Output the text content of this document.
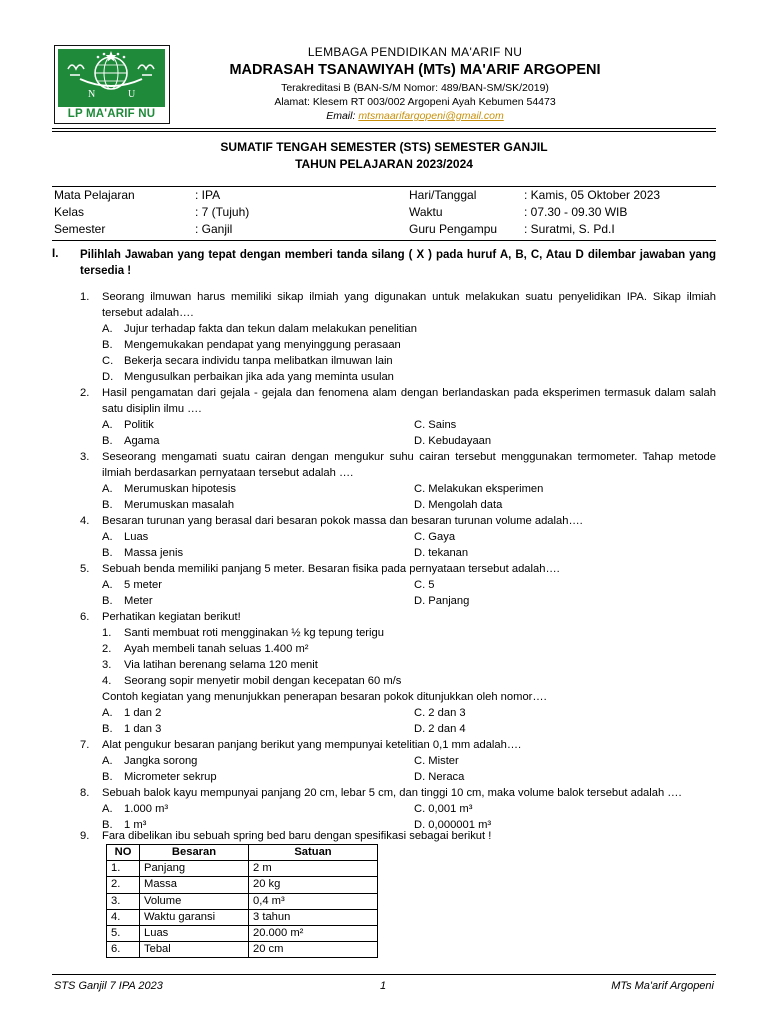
N	U
LP MA'ARIF NU
LEMBAGA PENDIDIKAN MA'ARIF NU
MADRASAH TSANAWIYAH (MTs) MA'ARIF ARGOPENI
Terakreditasi B (BAN-S/M Nomor: 489/BAN-SM/SK/2019)
Alamat: Klesem RT 003/002 Argopeni Ayah Kebumen 54473
Email: mtsmaarifargopeni@gmail.com
SUMATIF TENGAH SEMESTER (STS) SEMESTER GANJIL
TAHUN PELAJARAN 2023/2024
Mata Pelajaran	: IPA	Hari/Tanggal	: Kamis, 05 Oktober 2023
Kelas	: 7 (Tujuh)	Waktu	: 07.30 - 09.30 WIB
Semester	: Ganjil	Guru Pengampu : Suratmi, S. Pd.I
I. Pilihlah Jawaban yang tepat dengan memberi tanda silang ( X ) pada huruf A, B, C, Atau D dilembar jawaban yang tersedia !
1.	Seorang ilmuwan harus memiliki sikap ilmiah yang digunakan untuk melakukan suatu penyelidikan IPA. Sikap ilmiah tersebut adalah….
A. Jujur terhadap fakta dan tekun dalam melakukan penelitian
B. Mengemukakan pendapat yang menyinggung perasaan
C. Bekerja secara individu tanpa melibatkan ilmuwan lain
D. Mengusulkan perbaikan jika ada yang meminta usulan
2.	Hasil pengamatan dari gejala - gejala dan fenomena alam dengan berlandaskan pada eksperimen termasuk dalam salah satu disiplin ilmu ….
A. Politik	C. Sains
B. Agama	D. Kebudayaan
3.	Seseorang mengamati suatu cairan dengan mengukur suhu cairan tersebut menggunakan termometer. Tahap metode ilmiah berdasarkan pernyataan tersebut adalah ….
A. Merumuskan hipotesis	C. Melakukan eksperimen
B. Merumuskan masalah	D. Mengolah data
4.	Besaran turunan yang berasal dari besaran pokok massa dan besaran turunan volume adalah….
A. Luas	C. Gaya
B. Massa jenis	D. tekanan
5.	Sebuah benda memiliki panjang 5 meter. Besaran fisika pada pernyataan tersebut adalah….
A. 5 meter	C. 5
B. Meter	D. Panjang
6.	Perhatikan kegiatan berikut!
1. Santi membuat roti mengginakan ½ kg tepung terigu
2. Ayah membeli tanah seluas 1.400 m²
3. Via latihan berenang selama 120 menit
4. Seorang sopir menyetir mobil dengan kecepatan 60 m/s
Contoh kegiatan yang menunjukkan penerapan besaran pokok ditunjukkan oleh nomor….
A. 1 dan 2	C. 2 dan 3
B. 1 dan 3	D. 2 dan 4
7.	Alat pengukur besaran panjang berikut yang mempunyai ketelitian 0,1 mm adalah….
A. Jangka sorong	C. Mister
B. Micrometer sekrup	D. Neraca
8.	Sebuah balok kayu mempunyai panjang 20 cm, lebar 5 cm, dan tinggi 10 cm, maka volume balok tersebut adalah ….
A. 1.000 m³	C. 0,001 m³
B. 1 m³	D. 0,000001 m³
9.	Fara dibelikan ibu sebuah spring bed baru dengan spesifikasi sebagai berikut !
NO	Besaran	Satuan
1.	Panjang	2 m
2.	Massa	20 kg
3.	Volume	0,4 m³
4.	Waktu garansi	3 tahun
5.	Luas	20.000 m²
6.	Tebal	20 cm
STS Ganjil 7 IPA 2023	1	MTs Ma'arif Argopeni
